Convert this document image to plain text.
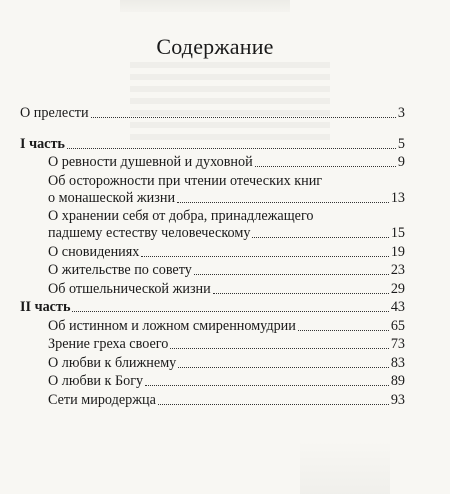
Содержание
О прелести	3
I часть	5
О ревности душевной и духовной	9
Об осторожности при чтении отеческих книг
о монашеской жизни	13
О хранении себя от добра, принадлежащего
падшему естеству человеческому	15
О сновидениях	19
О жительстве по совету	23
Об отшельнической жизни	29
II часть	43
Об истинном и ложном смиренномудрии	65
Зрение греха своего	73
О любви к ближнему	83
О любви к Богу	89
Сети миродержца	93
